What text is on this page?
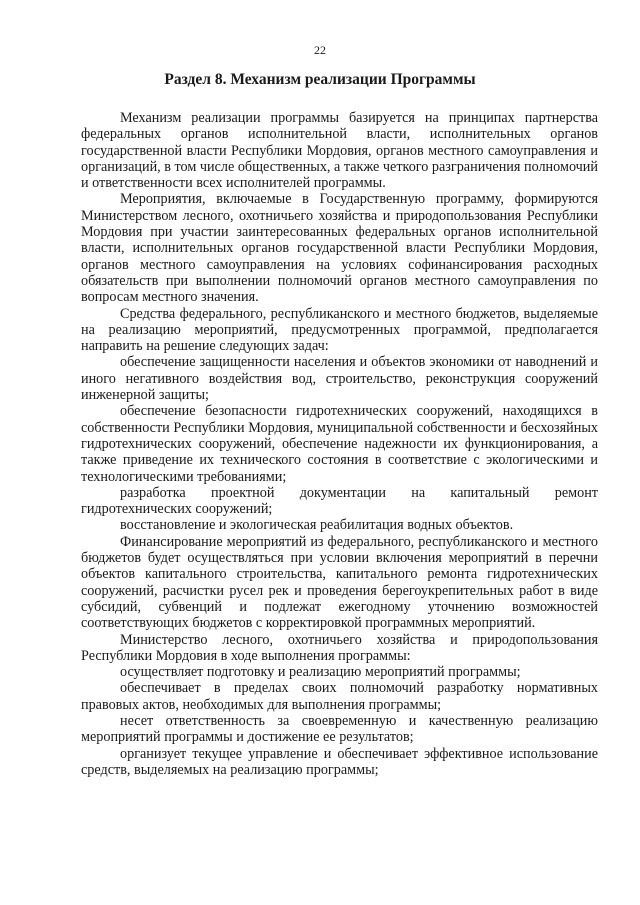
22
Раздел 8. Механизм реализации Программы

Механизм реализации программы базируется на принципах партнерства федеральных органов исполнительной власти, исполнительных органов государственной власти Республики Мордовия, органов местного самоуправления и организаций, в том числе общественных, а также четкого разграничения полномочий и ответственности всех исполнителей программы.

Мероприятия, включаемые в Государственную программу, формируются Министерством лесного, охотничьего хозяйства и природопользования Республики Мордовия при участии заинтересованных федеральных органов исполнительной власти, исполнительных органов государственной власти Республики Мордовия, органов местного самоуправления на условиях софинансирования расходных обязательств при выполнении полномочий органов местного самоуправления по вопросам местного значения.

Средства федерального, республиканского и местного бюджетов, выделяемые на реализацию мероприятий, предусмотренных программой, предполагается направить на решение следующих задач:

обеспечение защищенности населения и объектов экономики от наводнений и иного негативного воздействия вод, строительство, реконструкция сооружений инженерной защиты;

обеспечение безопасности гидротехнических сооружений, находящихся в собственности Республики Мордовия, муниципальной собственности и бесхозяйных гидротехнических сооружений, обеспечение надежности их функционирования, а также приведение их технического состояния в соответствие с экологическими и технологическими требованиями;

разработка проектной документации на капитальный ремонт гидротехнических сооружений;

восстановление и экологическая реабилитация водных объектов.

Финансирование мероприятий из федерального, республиканского и местного бюджетов будет осуществляться при условии включения мероприятий в перечни объектов капитального строительства, капитального ремонта гидротехнических сооружений, расчистки русел рек и проведения берегоукрепительных работ в виде субсидий, субвенций и подлежат ежегодному уточнению возможностей соответствующих бюджетов с корректировкой программных мероприятий.

Министерство лесного, охотничьего хозяйства и природопользования Республики Мордовия в ходе выполнения программы:

осуществляет подготовку и реализацию мероприятий программы;

обеспечивает в пределах своих полномочий разработку нормативных правовых актов, необходимых для выполнения программы;

несет ответственность за своевременную и качественную реализацию мероприятий программы и достижение ее результатов;

организует текущее управление и обеспечивает эффективное использование средств, выделяемых на реализацию программы;
